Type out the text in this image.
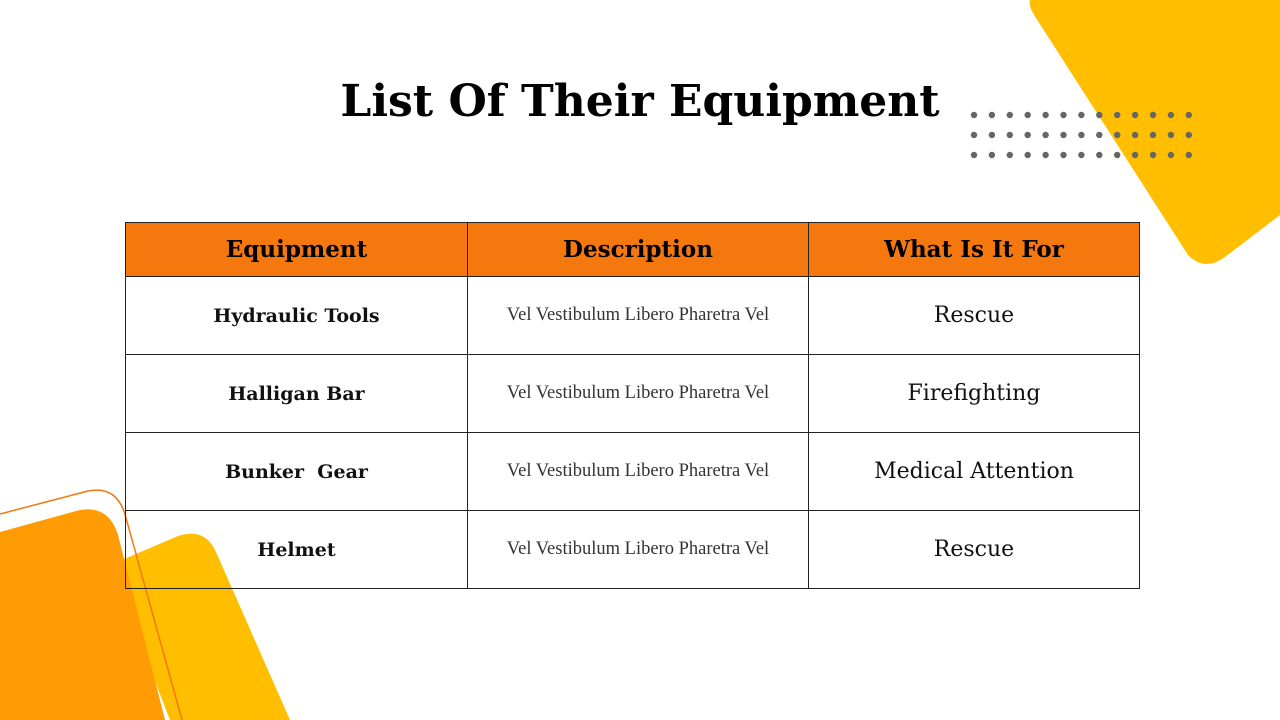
List Of Their Equipment
Equipment	Description	What Is It For
Hydraulic Tools	Vel Vestibulum Libero Pharetra Vel	Rescue
Halligan Bar	Vel Vestibulum Libero Pharetra Vel	Firefighting
Bunker  Gear	Vel Vestibulum Libero Pharetra Vel	Medical Attention
Helmet	Vel Vestibulum Libero Pharetra Vel	Rescue
